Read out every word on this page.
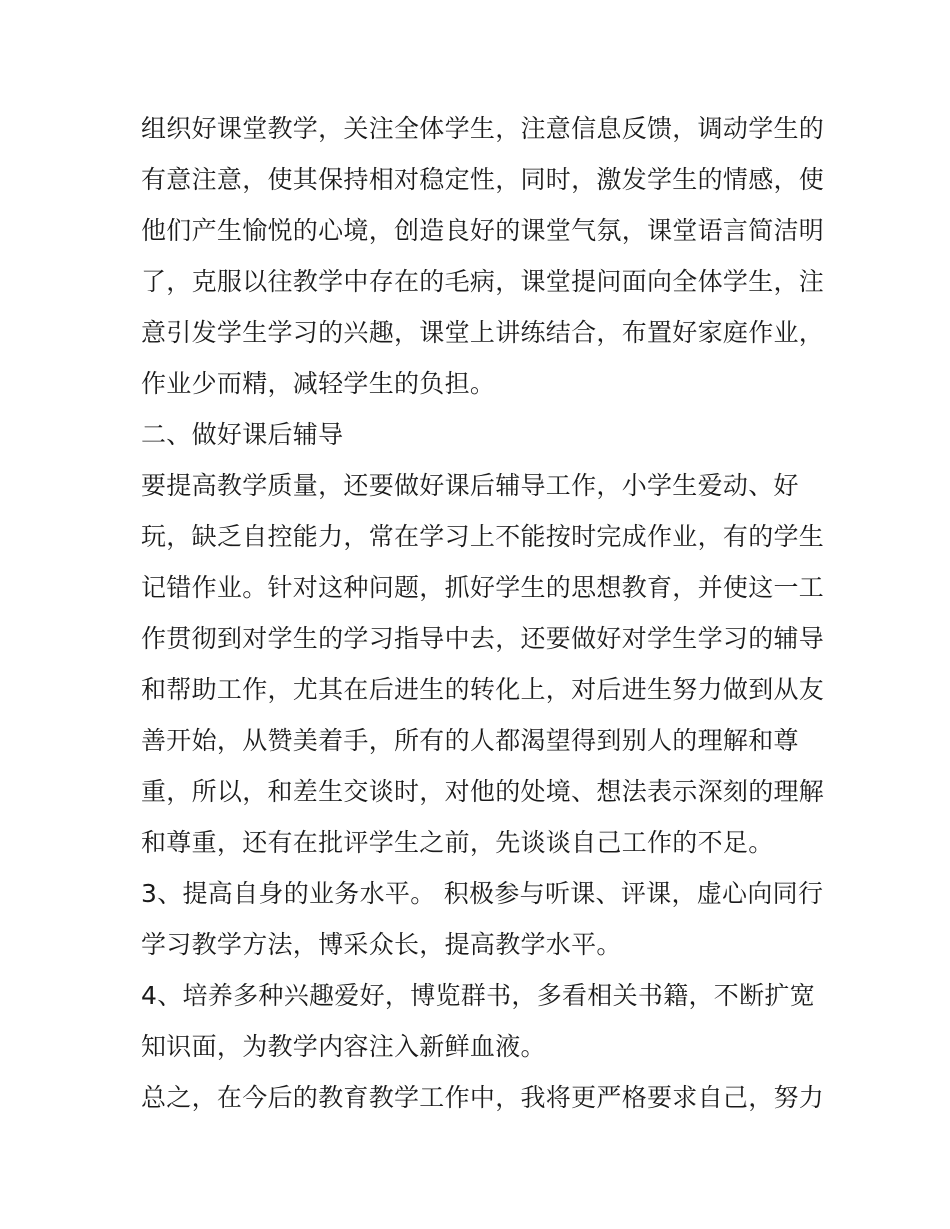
组织好课堂教学，关注全体学生，注意信息反馈，调动学生的
有意注意，使其保持相对稳定性，同时，激发学生的情感，使
他们产生愉悦的心境，创造良好的课堂气氛，课堂语言简洁明
了，克服以往教学中存在的毛病，课堂提问面向全体学生，注
意引发学生学习的兴趣，课堂上讲练结合，布置好家庭作业，
作业少而精，减轻学生的负担。
二、做好课后辅导
要提高教学质量，还要做好课后辅导工作，小学生爱动、好
玩，缺乏自控能力，常在学习上不能按时完成作业，有的学生
记错作业。针对这种问题，抓好学生的思想教育，并使这一工
作贯彻到对学生的学习指导中去，还要做好对学生学习的辅导
和帮助工作，尤其在后进生的转化上，对后进生努力做到从友
善开始，从赞美着手，所有的人都渴望得到别人的理解和尊
重，所以，和差生交谈时，对他的处境、想法表示深刻的理解
和尊重，还有在批评学生之前，先谈谈自己工作的不足。
3、提高自身的业务水平。 积极参与听课、评课，虚心向同行
学习教学方法，博采众长，提高教学水平。
4、培养多种兴趣爱好，博览群书，多看相关书籍，不断扩宽
知识面，为教学内容注入新鲜血液。
总之，在今后的教育教学工作中，我将更严格要求自己，努力
